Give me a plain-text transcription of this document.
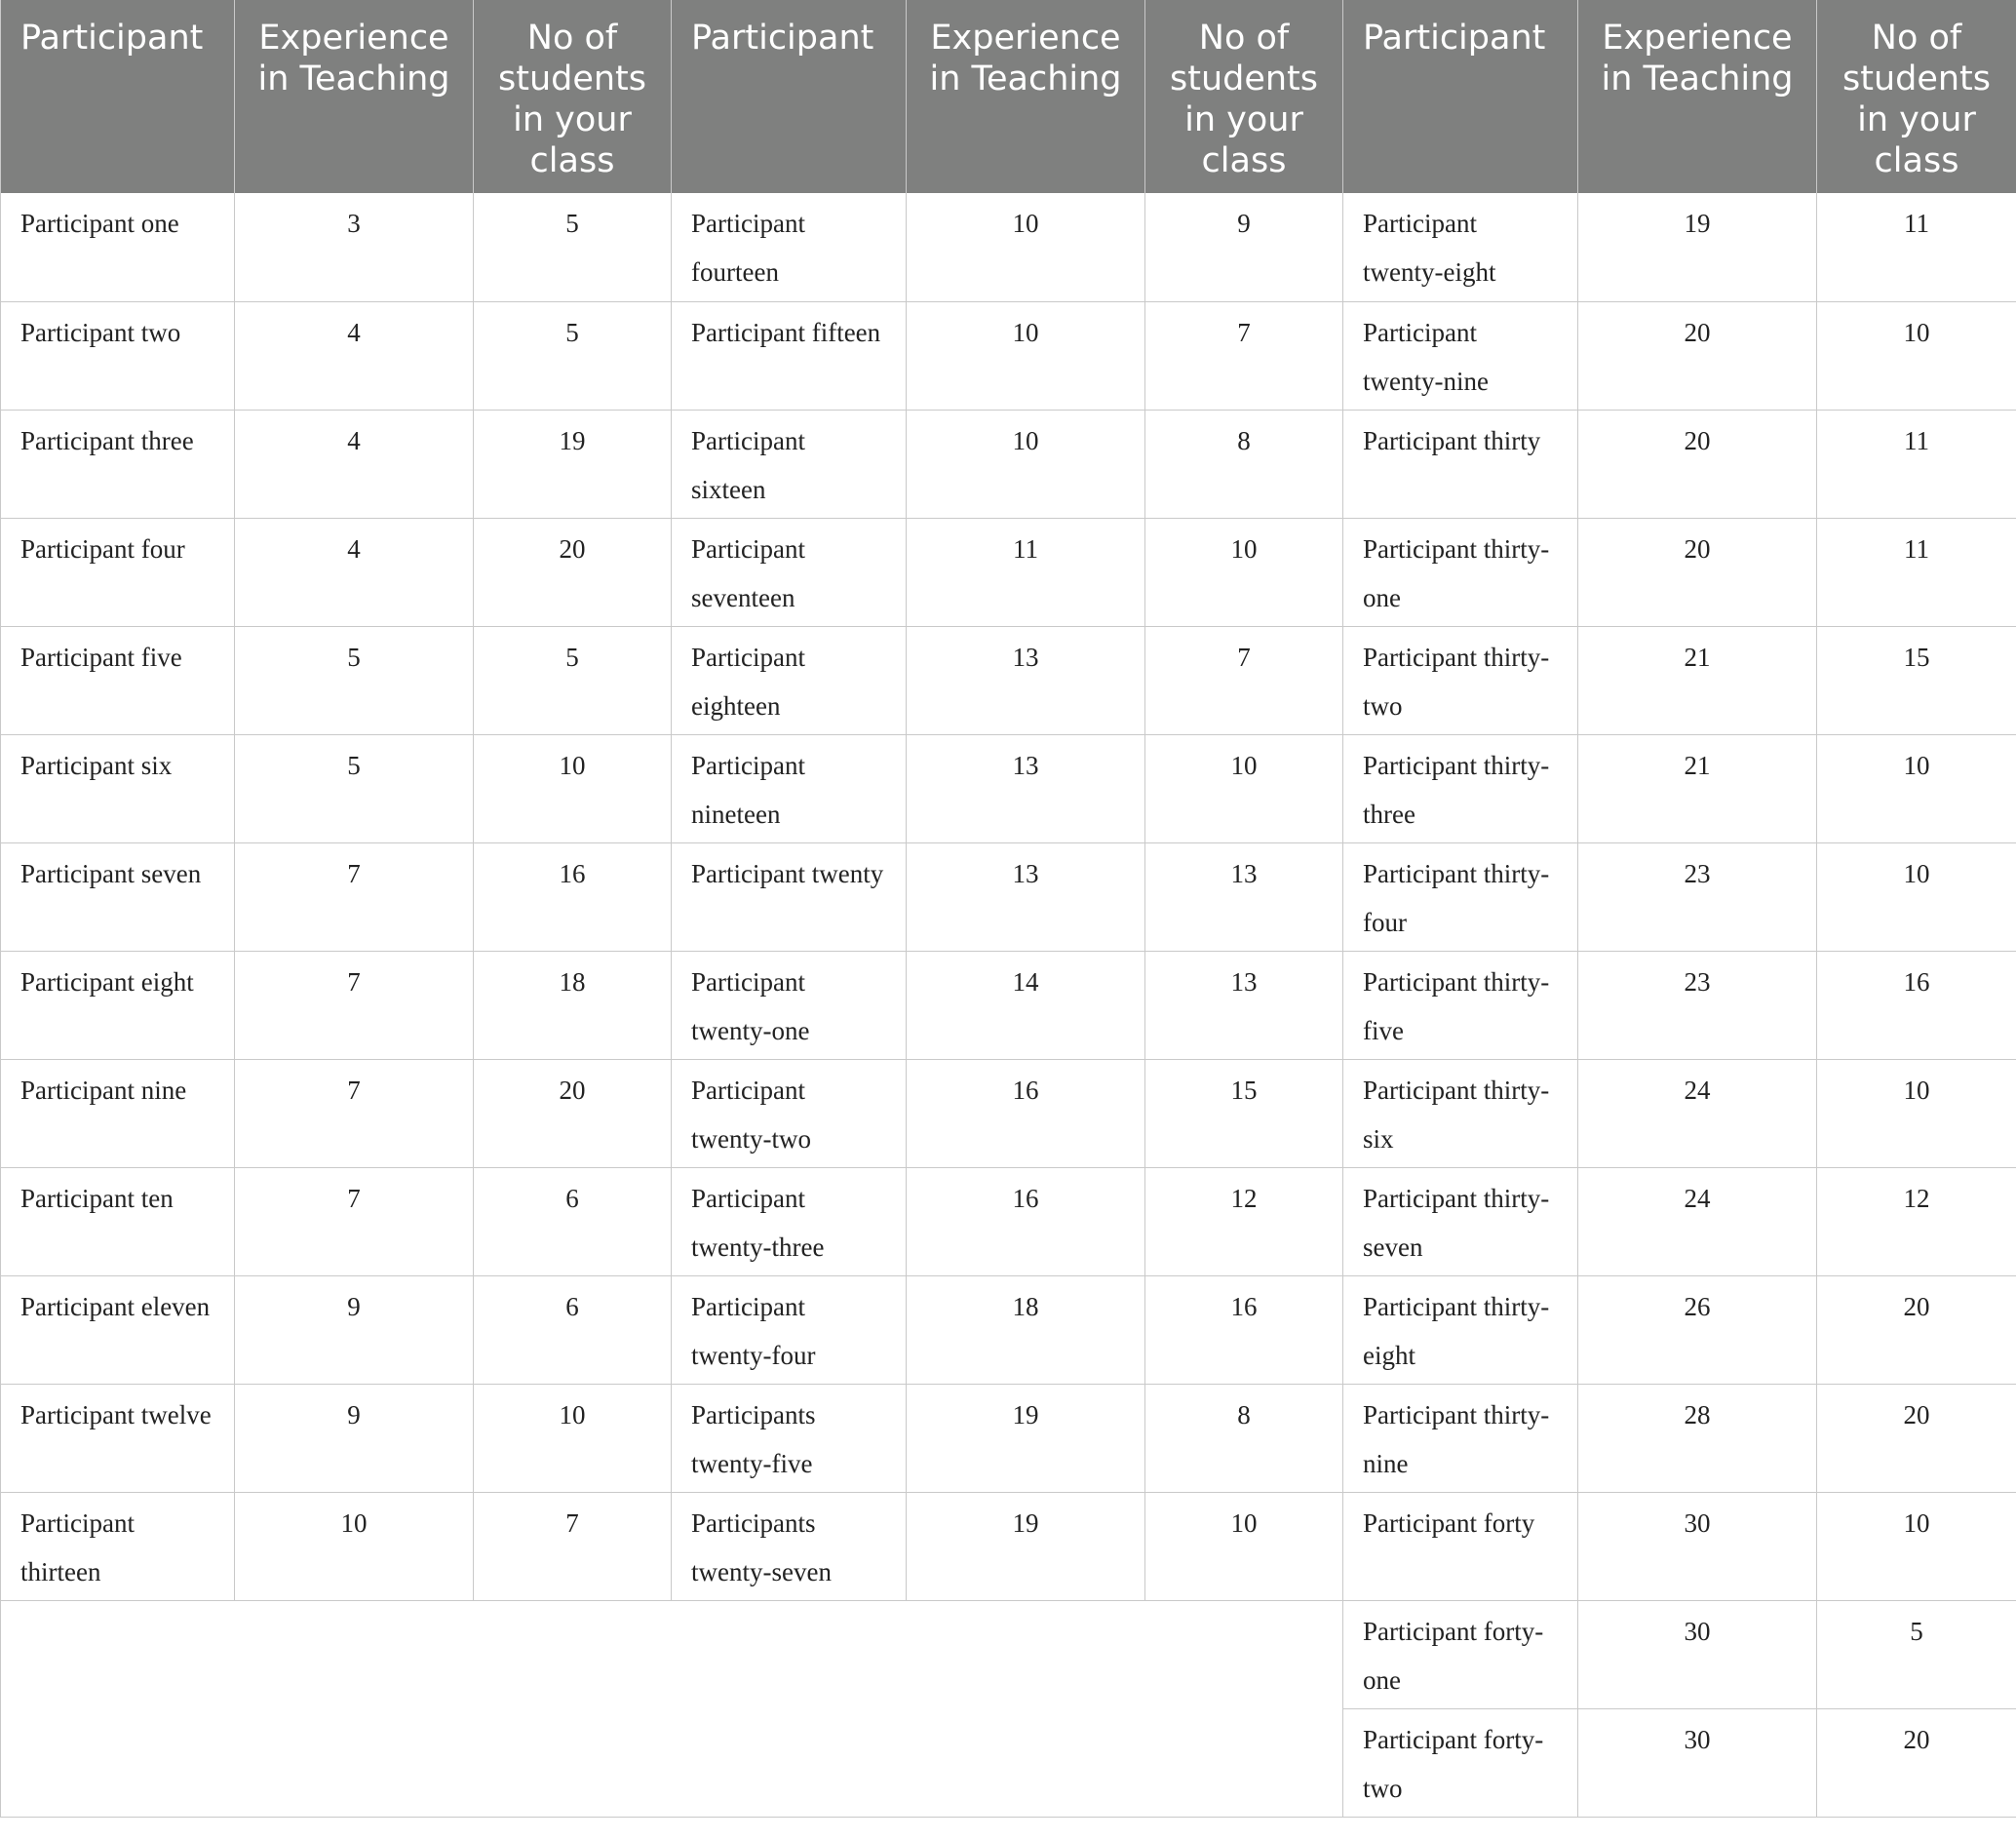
Participant	Experience in Teaching	No of students in your class	Participant	Experience in Teaching	No of students in your class	Participant	Experience in Teaching	No of students in your class
Participant one	3	5	Participant fourteen	10	9	Participant twenty-eight	19	11
Participant two	4	5	Participant fifteen	10	7	Participant twenty-nine	20	10
Participant three	4	19	Participant sixteen	10	8	Participant thirty	20	11
Participant four	4	20	Participant seventeen	11	10	Participant thirty-one	20	11
Participant five	5	5	Participant eighteen	13	7	Participant thirty-two	21	15
Participant six	5	10	Participant nineteen	13	10	Participant thirty-three	21	10
Participant seven	7	16	Participant twenty	13	13	Participant thirty-four	23	10
Participant eight	7	18	Participant twenty-one	14	13	Participant thirty-five	23	16
Participant nine	7	20	Participant twenty-two	16	15	Participant thirty-six	24	10
Participant ten	7	6	Participant twenty-three	16	12	Participant thirty-seven	24	12
Participant eleven	9	6	Participant twenty-four	18	16	Participant thirty-eight	26	20
Participant twelve	9	10	Participants twenty-five	19	8	Participant thirty-nine	28	20
Participant thirteen	10	7	Participants twenty-seven	19	10	Participant forty	30	10
						Participant forty-one	30	5
						Participant forty-two	30	20
